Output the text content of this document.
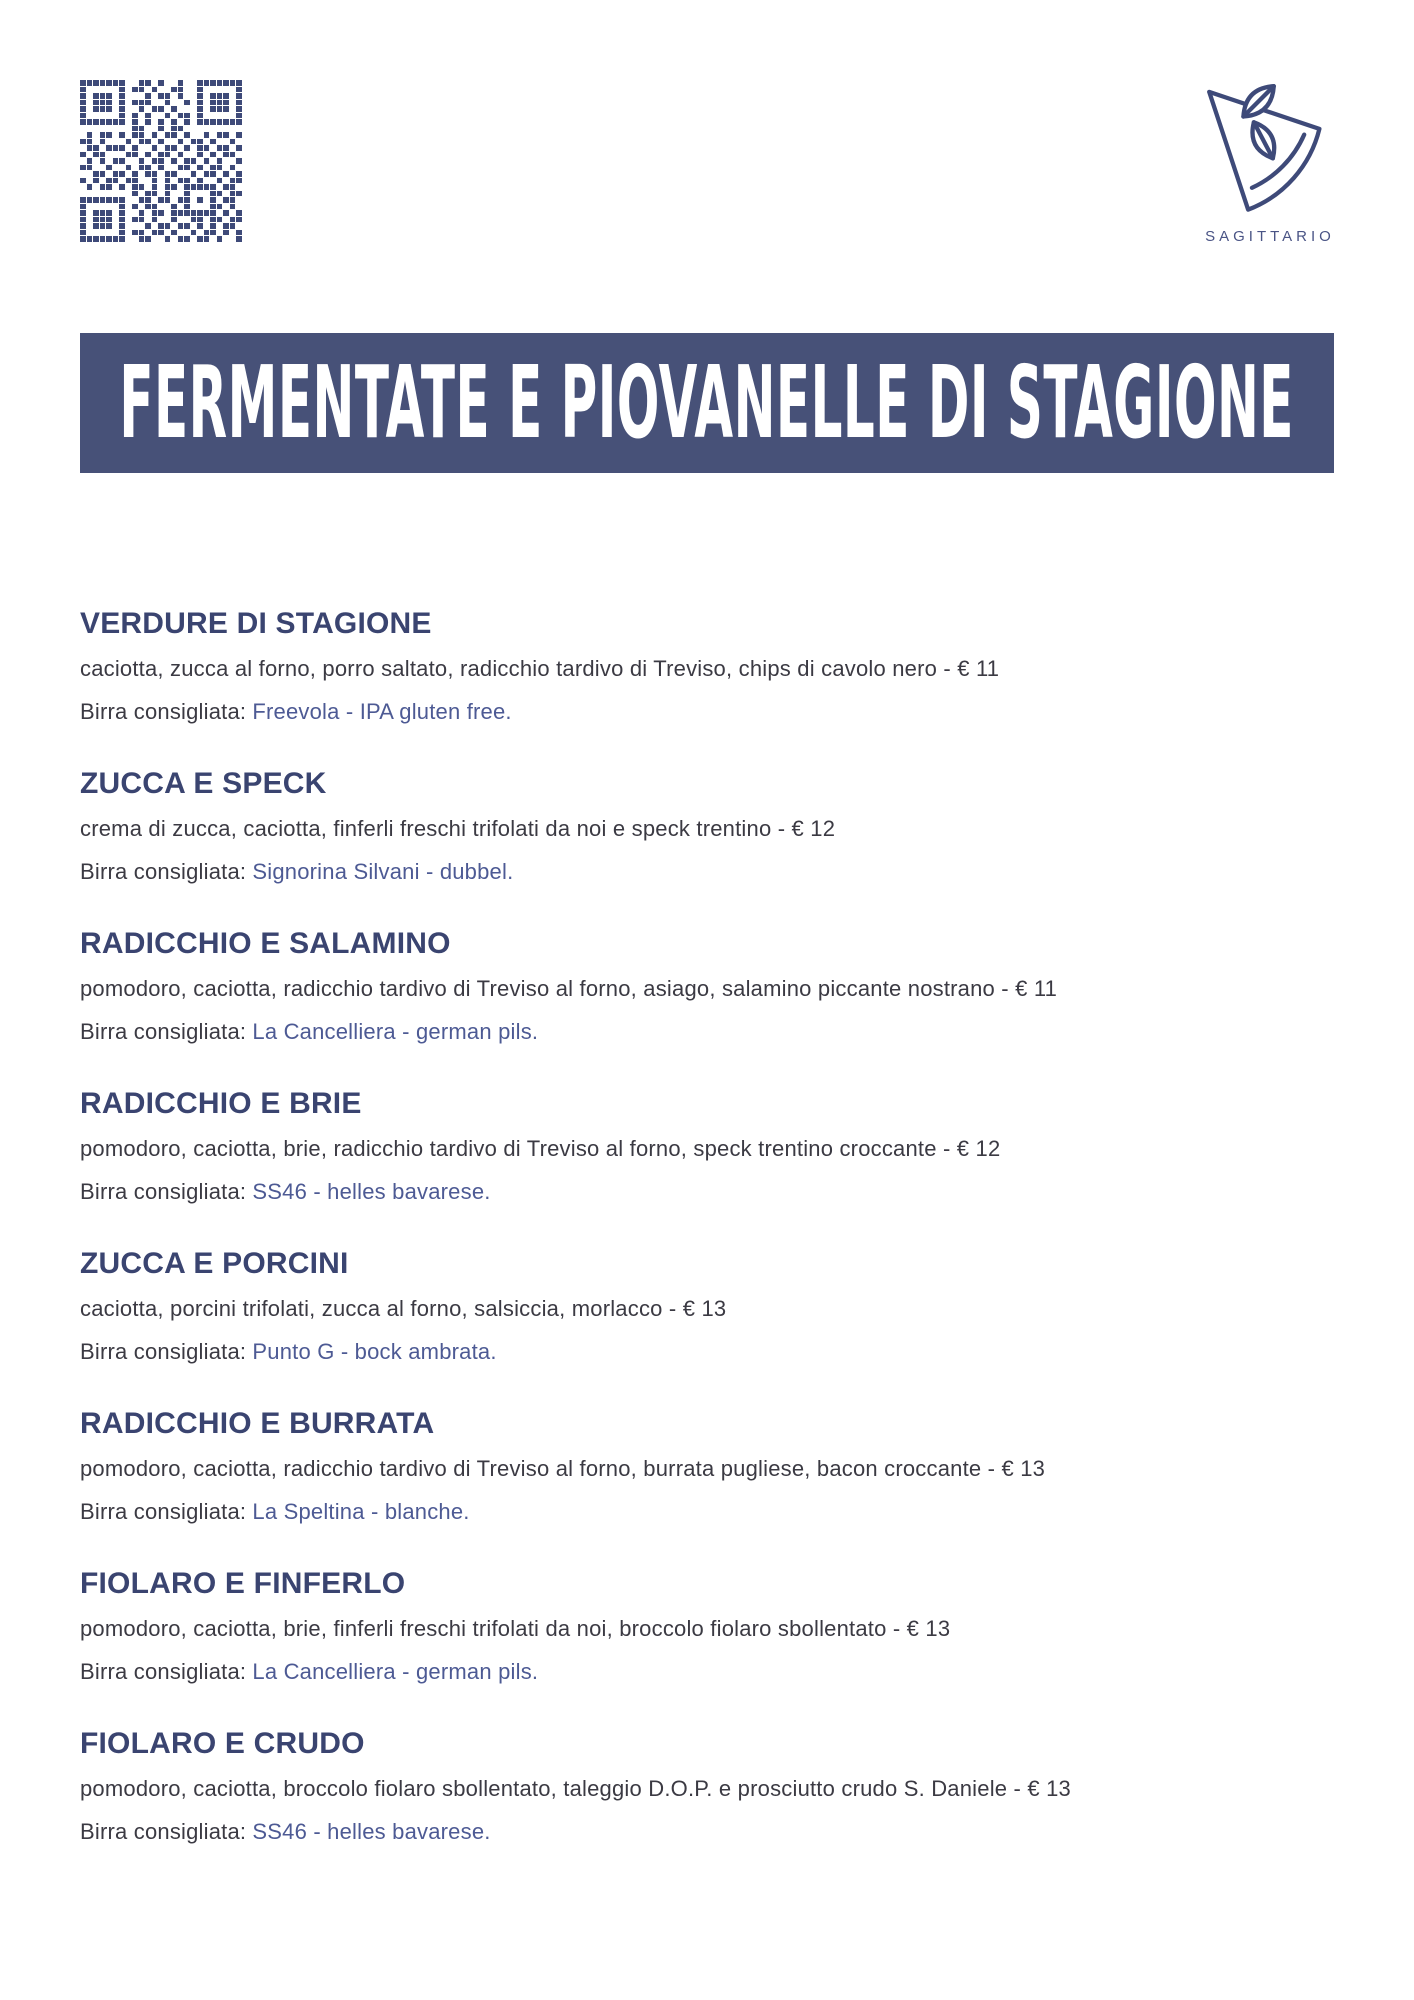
SAGITTARIO
FERMENTATE E PIOVANELLE DI STAGIONE
VERDURE DI STAGIONE

caciotta, zucca al forno, porro saltato, radicchio tardivo di Treviso, chips di cavolo nero - € 11

Birra consigliata: Freevola - IPA gluten free.

ZUCCA E SPECK

crema di zucca, caciotta, finferli freschi trifolati da noi e speck trentino - € 12

Birra consigliata: Signorina Silvani - dubbel.

RADICCHIO E SALAMINO

pomodoro, caciotta, radicchio tardivo di Treviso al forno, asiago, salamino piccante nostrano - € 11

Birra consigliata: La Cancelliera - german pils.

RADICCHIO E BRIE

pomodoro, caciotta, brie, radicchio tardivo di Treviso al forno, speck trentino croccante - € 12

Birra consigliata: SS46 - helles bavarese.

ZUCCA E PORCINI

caciotta, porcini trifolati, zucca al forno, salsiccia, morlacco - € 13

Birra consigliata: Punto G - bock ambrata.

RADICCHIO E BURRATA

pomodoro, caciotta, radicchio tardivo di Treviso al forno, burrata pugliese, bacon croccante - € 13

Birra consigliata: La Speltina - blanche.

FIOLARO E FINFERLO

pomodoro, caciotta, brie, finferli freschi trifolati da noi, broccolo fiolaro sbollentato - € 13

Birra consigliata: La Cancelliera - german pils.

FIOLARO E CRUDO

pomodoro, caciotta, broccolo fiolaro sbollentato, taleggio D.O.P. e prosciutto crudo S. Daniele - € 13

Birra consigliata: SS46 - helles bavarese.
